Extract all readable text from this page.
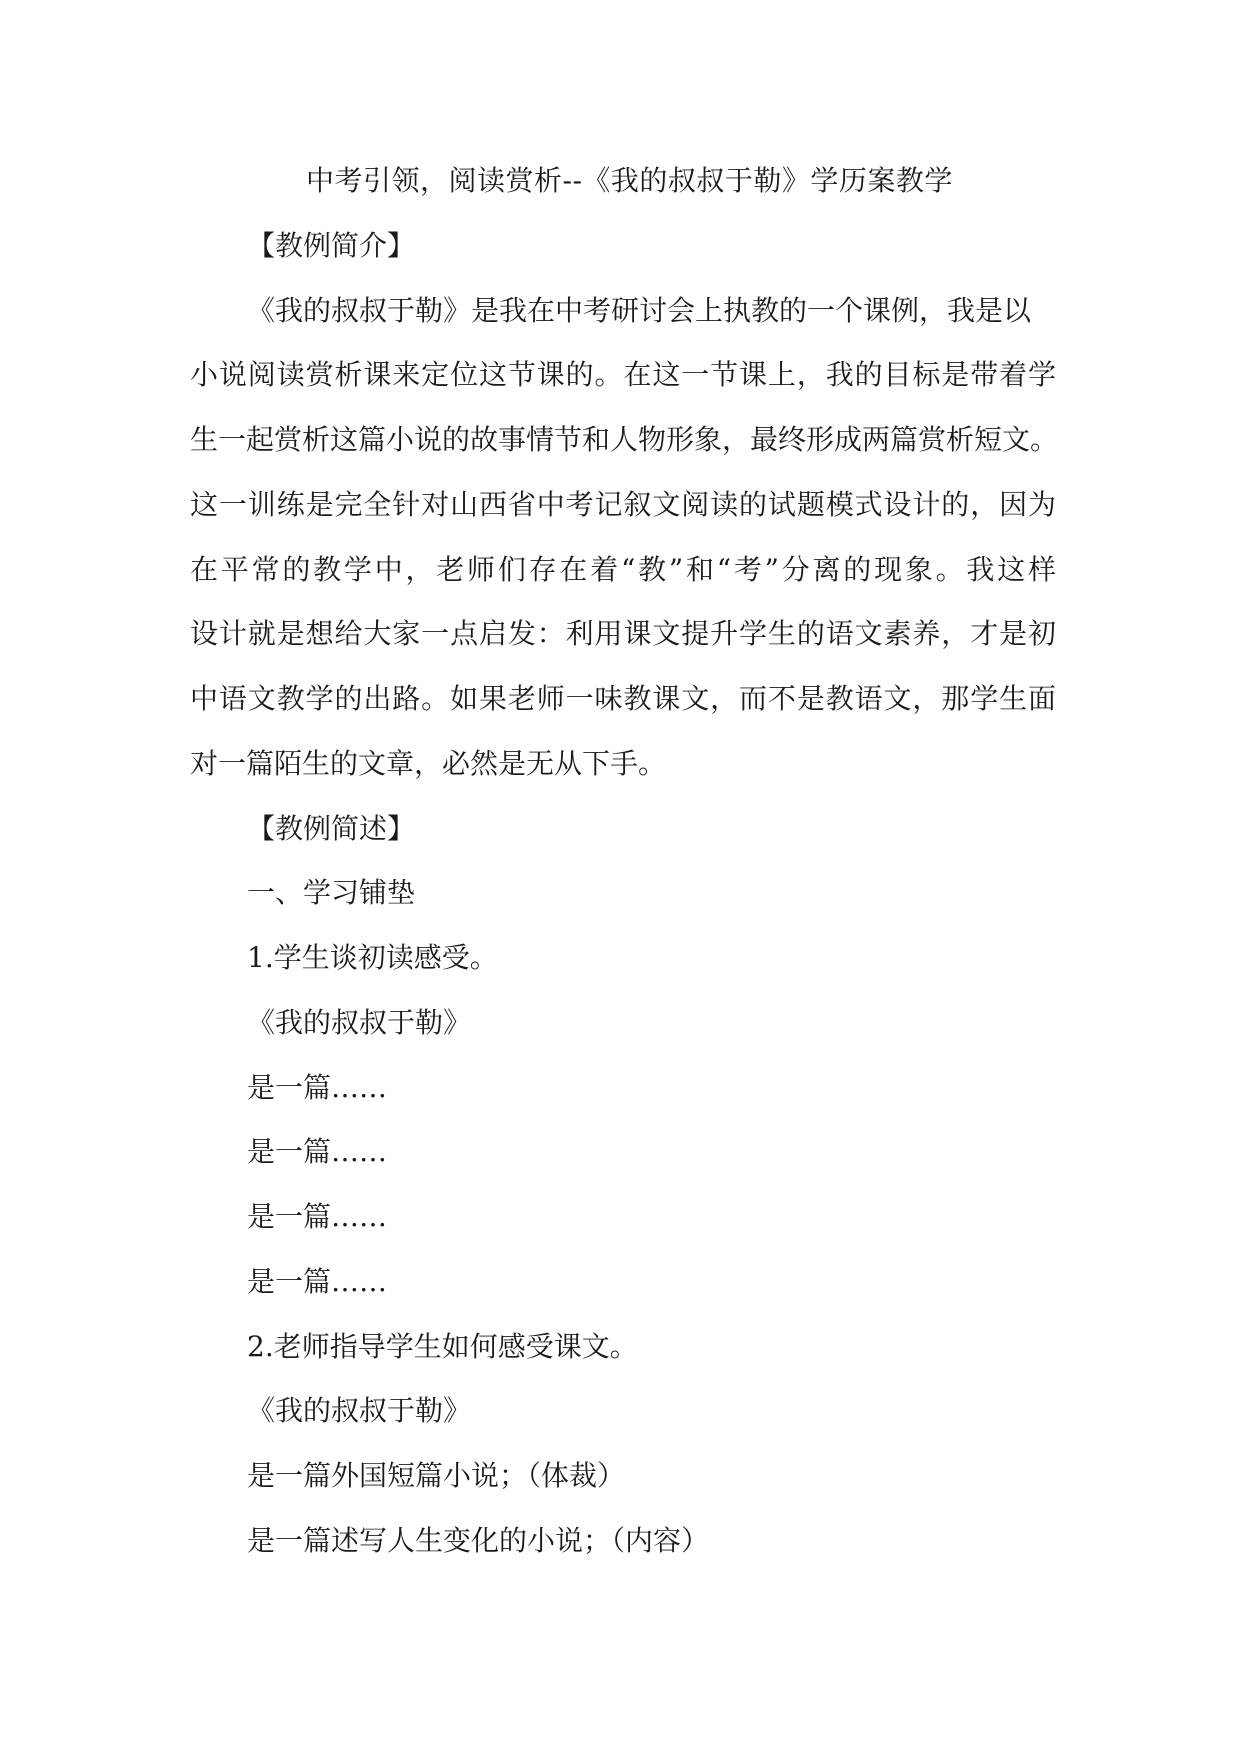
中考引领，阅读赏析--《我的叔叔于勒》学历案教学
【教例简介】
《我的叔叔于勒》是我在中考研讨会上执教的一个课例，我是以
小说阅读赏析课来定位这节课的。在这一节课上，我的目标是带着学
生一起赏析这篇小说的故事情节和人物形象，最终形成两篇赏析短文。
这一训练是完全针对山西省中考记叙文阅读的试题模式设计的，因为
在平常的教学中，老师们存在着“教”和“考”分离的现象。我这样
设计就是想给大家一点启发：利用课文提升学生的语文素养，才是初
中语文教学的出路。如果老师一味教课文，而不是教语文，那学生面
对一篇陌生的文章，必然是无从下手。
【教例简述】
一、学习铺垫
1.学生谈初读感受。
《我的叔叔于勒》
是一篇……
是一篇……
是一篇……
是一篇……
2.老师指导学生如何感受课文。
《我的叔叔于勒》
是一篇外国短篇小说；（体裁）
是一篇述写人生变化的小说；（内容）
